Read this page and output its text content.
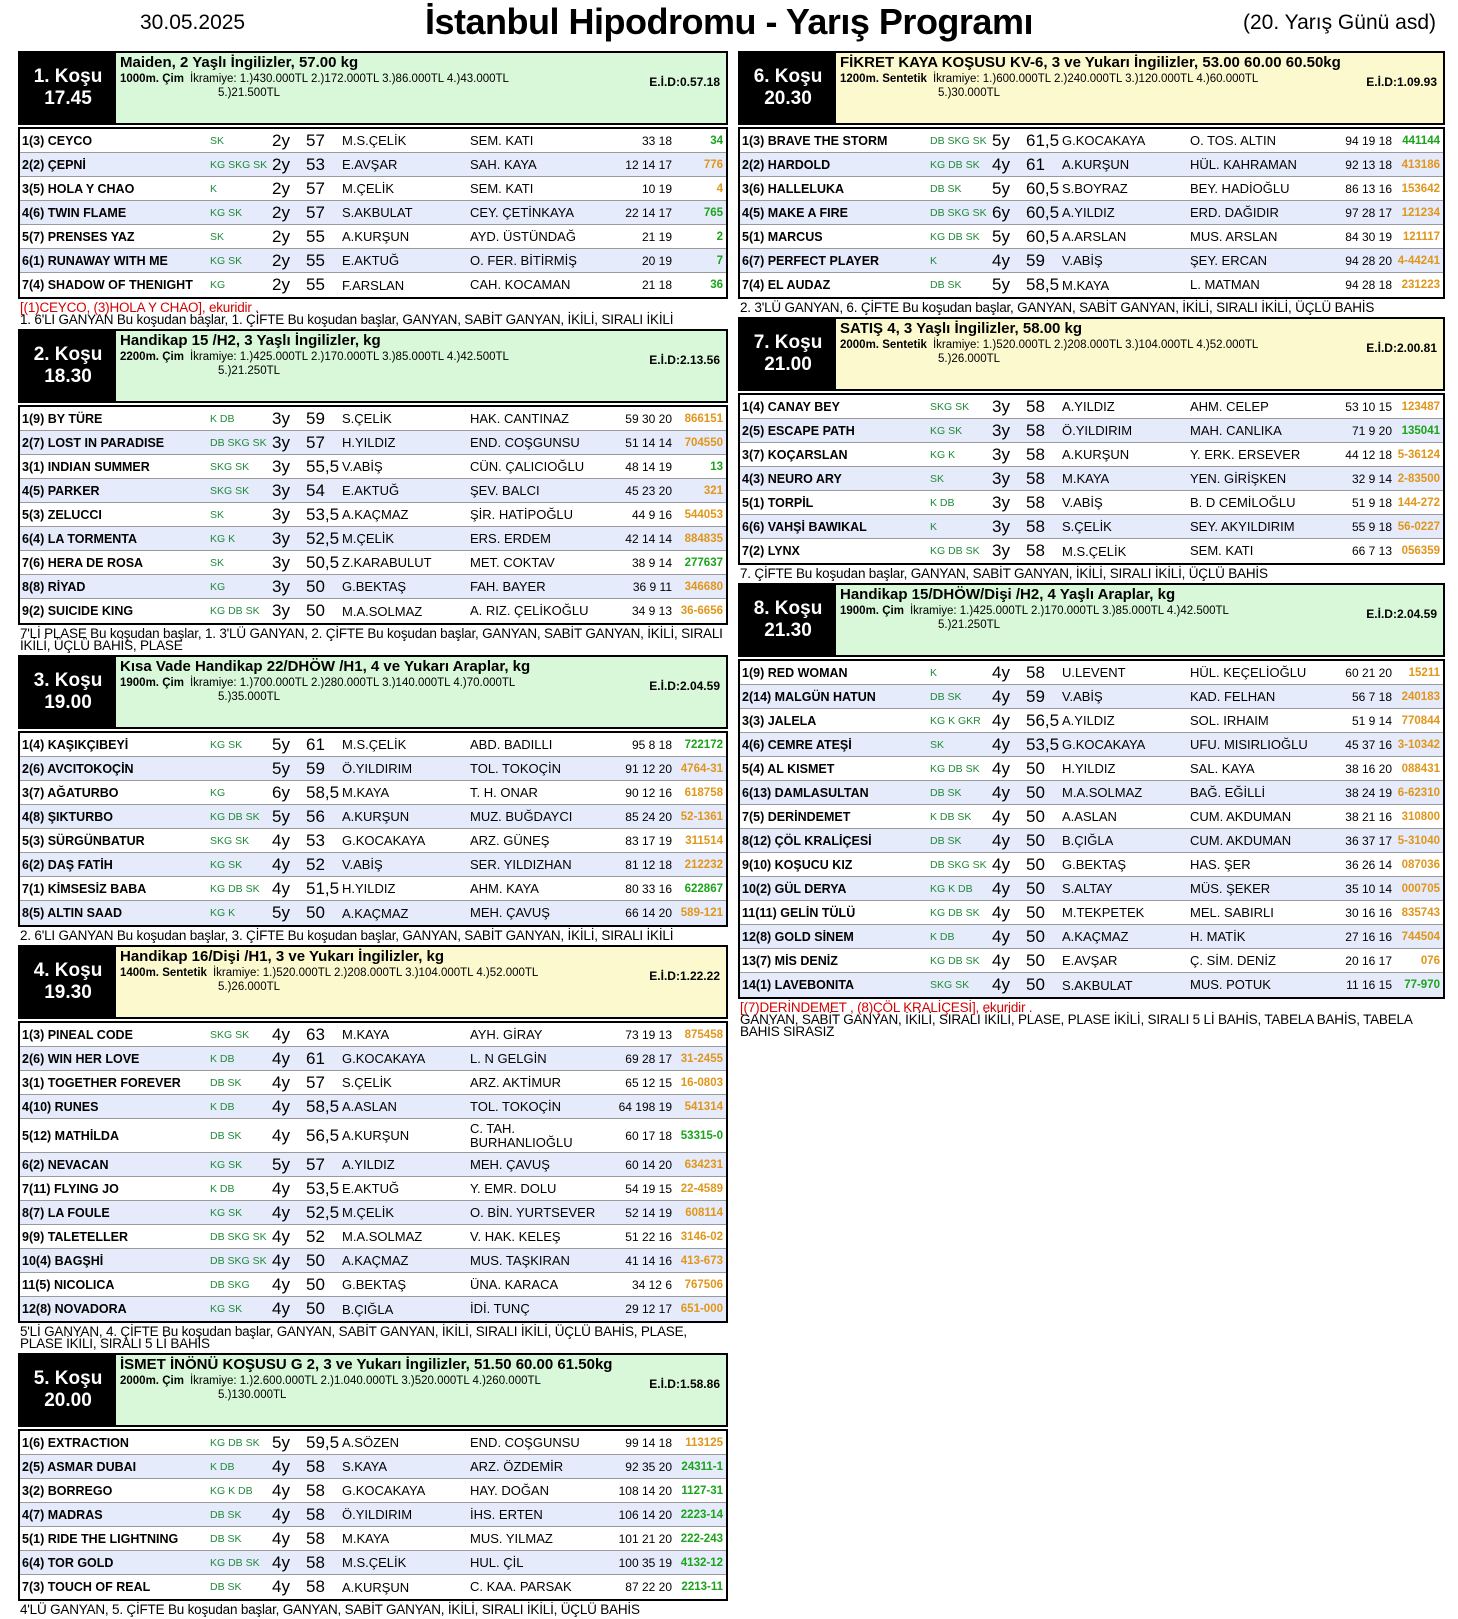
30.05.2025	İstanbul Hipodromu - Yarış Programı	(20. Yarış Günü asd)
1. Koşu
17.45
Maiden, 2 Yaşlı İngilizler, 57.00 kg
1000m. Çim İkramiye: 1.)430.000TL 2.)172.000TL 3.)86.000TL 4.)43.000TL
5.)21.500TL
E.İ.D:0.57.18
1(3) CEYCO	SK	2y 57	M.S.ÇELİK	SEM. KATI	33 18	34
2(2) ÇEPNİ	KG SKG SK 2y 53	E.AVŞAR	SAH. KAYA	12 14 17	776
3(5) HOLA Y CHAO	K	2y 57	M.ÇELİK	SEM. KATI	10 19	4
4(6) TWIN FLAME	KG SK	2y 57	S.AKBULAT	CEY. ÇETİNKAYA	22 14 17	765
5(7) PRENSES YAZ	SK	2y 55	A.KURŞUN	AYD. ÜSTÜNDAĞ	21 19	2
6(1) RUNAWAY WITH ME	KG SK	2y 55	E.AKTUĞ	O. FER. BİTİRMİŞ	20 19	7
7(4) SHADOW OF THENIGHT	KG	2y 55	F.ARSLAN	CAH. KOCAMAN	21 18	36
[(1)CEYCO, (3)HOLA Y CHAO], ekuridir .
1. 6'LI GANYAN Bu koşudan başlar, 1. ÇİFTE Bu koşudan başlar, GANYAN, SABİT GANYAN, İKİLİ, SIRALI İKİLİ
2. Koşu
18.30
Handikap 15 /H2, 3 Yaşlı İngilizler, kg
2200m. Çim İkramiye: 1.)425.000TL 2.)170.000TL 3.)85.000TL 4.)42.500TL
5.)21.250TL
E.İ.D:2.13.56
1(9) BY TÜRE	K DB	3y 59	S.ÇELİK	HAK. CANTINAZ	59 30 20	866151
2(7) LOST IN PARADISE	DB SKG SK 3y 57	H.YILDIZ	END. COŞGUNSU	51 14 14	704550
3(1) INDIAN SUMMER	SKG SK	3y 55,5 V.ABİŞ	CÜN. ÇALICIOĞLU	48 14 19	13
4(5) PARKER	SKG SK	3y 54	E.AKTUĞ	ŞEV. BALCI	45 23 20	321
5(3) ZELUCCI	SK	3y 53,5 A.KAÇMAZ	ŞİR. HATİPOĞLU	44 9 16	544053
6(4) LA TORMENTA	KG K	3y 52,5 M.ÇELİK	ERS. ERDEM	42 14 14	884835
7(6) HERA DE ROSA	SK	3y 50,5 Z.KARABULUT	MET. COKTAV	38 9 14	277637
8(8) RİYAD	KG	3y 50	G.BEKTAŞ	FAH. BAYER	36 9 11	346680
9(2) SUICIDE KING	KG DB SK 3y 50	M.A.SOLMAZ	A. RIZ. ÇELİKOĞLU	34 9 13 36-6656
7'Lİ PLASE Bu koşudan başlar, 1. 3'LÜ GANYAN, 2. ÇİFTE Bu koşudan başlar, GANYAN, SABİT GANYAN, İKİLİ, SIRALI İKİLİ, ÜÇLÜ BAHİS, PLASE
3. Koşu
19.00
Kısa Vade Handikap 22/DHÖW /H1, 4 ve Yukarı Araplar, kg
1900m. Çim İkramiye: 1.)700.000TL 2.)280.000TL 3.)140.000TL 4.)70.000TL
5.)35.000TL
E.İ.D:2.04.59
1(4) KAŞIKÇIBEYİ	KG SK	5y 61	M.S.ÇELİK	ABD. BADILLI	95 8 18	722172
2(6) AVCITOKOÇİN	5y 59	Ö.YILDIRIM	TOL. TOKOÇİN	91 12 20 4764-31
3(7) AĞATURBO	KG	6y 58,5 M.KAYA	T. H. ONAR	90 12 16	618758
4(8) ŞIKTURBO	KG DB SK 5y 56	A.KURŞUN	MUZ. BUĞDAYCI	85 24 20 52-1361
5(3) SÜRGÜNBATUR	SKG SK	4y 53	G.KOCAKAYA	ARZ. GÜNEŞ	83 17 19	311514
6(2) DAŞ FATİH	KG SK	4y 52	V.ABİŞ	SER. YILDIZHAN	81 12 18	212232
7(1) KİMSESİZ BABA	KG DB SK 4y 51,5 H.YILDIZ	AHM. KAYA	80 33 16	622867
8(5) ALTIN SAAD	KG K	5y 50	A.KAÇMAZ	MEH. ÇAVUŞ	66 14 20 589-121
2. 6'LI GANYAN Bu koşudan başlar, 3. ÇİFTE Bu koşudan başlar, GANYAN, SABİT GANYAN, İKİLİ, SIRALI İKİLİ
4. Koşu
19.30
Handikap 16/Dişi /H1, 3 ve Yukarı İngilizler, kg
1400m. Sentetik İkramiye: 1.)520.000TL 2.)208.000TL 3.)104.000TL 4.)52.000TL
5.)26.000TL
E.İ.D:1.22.22
1(3) PINEAL CODE	SKG SK	4y 63	M.KAYA	AYH. GİRAY	73 19 13	875458
2(6) WIN HER LOVE	K DB	4y 61	G.KOCAKAYA	L. N GELGİN	69 28 17 31-2455
3(1) TOGETHER FOREVER	DB SK	4y 57	S.ÇELİK	ARZ. AKTİMUR	65 12 15 16-0803
4(10) RUNES	K DB	4y 58,5 A.ASLAN	TOL. TOKOÇİN	64 198 19	541314
5(12) MATHİLDA	DB SK	4y 56,5 A.KURŞUN	C. TAH. BURHANLIOĞLU	60 17 18 53315-0
6(2) NEVACAN	KG SK	5y 57	A.YILDIZ	MEH. ÇAVUŞ	60 14 20	634231
7(11) FLYING JO	K DB	4y 53,5 E.AKTUĞ	Y. EMR. DOLU	54 19 15 22-4589
8(7) LA FOULE	KG SK	4y 52,5 M.ÇELİK	O. BİN. YURTSEVER	52 14 19	608114
9(9) TALETELLER	DB SKG SK 4y 52	M.A.SOLMAZ	V. HAK. KELEŞ	51 22 16 3146-02
10(4) BAGŞHİ	DB SKG SK 4y 50	A.KAÇMAZ	MUS. TAŞKIRAN	41 14 16 413-673
11(5) NICOLICA	DB SKG	4y 50	G.BEKTAŞ	ÜNA. KARACA	34 12 6	767506
12(8) NOVADORA	KG SK	4y 50	B.ÇIĞLA	İDİ. TUNÇ	29 12 17 651-000
5'Lİ GANYAN, 4. ÇİFTE Bu koşudan başlar, GANYAN, SABİT GANYAN, İKİLİ, SIRALI İKİLİ, ÜÇLÜ BAHİS, PLASE, PLASE İKİLİ, SIRALI 5 Lİ BAHİS
5. Koşu
20.00
İSMET İNÖNÜ KOŞUSU G 2, 3 ve Yukarı İngilizler, 51.50 60.00 61.50kg
2000m. Çim İkramiye: 1.)2.600.000TL 2.)1.040.000TL 3.)520.000TL 4.)260.000TL
5.)130.000TL
E.İ.D:1.58.86
1(6) EXTRACTION	KG DB SK 5y 59,5 A.SÖZEN	END. COŞGUNSU	99 14 18	113125
2(5) ASMAR DUBAI	K DB	4y 58	S.KAYA	ARZ. ÖZDEMİR	92 35 20 24311-1
3(2) BORREGO	KG K DB	4y 58	G.KOCAKAYA	HAY. DOĞAN	108 14 20 1127-31
4(7) MADRAS	DB SK	4y 58	Ö.YILDIRIM	İHS. ERTEN	106 14 20 2223-14
5(1) RIDE THE LIGHTNING	DB SK	4y 58	M.KAYA	MUS. YILMAZ	101 21 20 222-243
6(4) TOR GOLD	KG DB SK 4y 58	M.S.ÇELİK	HUL. ÇİL	100 35 19 4132-12
7(3) TOUCH OF REAL	DB SK	4y 58	A.KURŞUN	C. KAA. PARSAK	87 22 20 2213-11
4'LÜ GANYAN, 5. ÇİFTE Bu koşudan başlar, GANYAN, SABİT GANYAN, İKİLİ, SIRALI İKİLİ, ÜÇLÜ BAHİS
6. Koşu
20.30
FİKRET KAYA KOŞUSU KV-6, 3 ve Yukarı İngilizler, 53.00 60.00 60.50kg
1200m. Sentetik İkramiye: 1.)600.000TL 2.)240.000TL 3.)120.000TL 4.)60.000TL
5.)30.000TL
E.İ.D:1.09.93
1(3) BRAVE THE STORM	DB SKG SK 5y 61,5 G.KOCAKAYA	O. TOS. ALTIN	94 19 18 441144
2(2) HARDOLD	KG DB SK 4y 61	A.KURŞUN	HÜL. KAHRAMAN	92 13 18 413186
3(6) HALLELUKA	DB SK	5y 60,5 S.BOYRAZ	BEY. HADİOĞLU	86 13 16 153642
4(5) MAKE A FIRE	DB SKG SK 6y 60,5 A.YILDIZ	ERD. DAĞIDIR	97 28 17 121234
5(1) MARCUS	KG DB SK 5y 60,5 A.ARSLAN	MUS. ARSLAN	84 30 19 121117
6(7) PERFECT PLAYER	K	4y 59	V.ABİŞ	ŞEY. ERCAN	94 28 20 4-44241
7(4) EL AUDAZ	DB SK	5y 58,5 M.KAYA	L. MATMAN	94 28 18 231223
2. 3'LÜ GANYAN, 6. ÇİFTE Bu koşudan başlar, GANYAN, SABİT GANYAN, İKİLİ, SIRALI İKİLİ, ÜÇLÜ BAHİS
7. Koşu
21.00
SATIŞ 4, 3 Yaşlı İngilizler, 58.00 kg
2000m. Sentetik İkramiye: 1.)520.000TL 2.)208.000TL 3.)104.000TL 4.)52.000TL
5.)26.000TL
E.İ.D:2.00.81
1(4) CANAY BEY	SKG SK	3y 58	A.YILDIZ	AHM. CELEP	53 10 15 123487
2(5) ESCAPE PATH	KG SK	3y 58	Ö.YILDIRIM	MAH. CANLIKA	71 9 20 135041
3(7) KOÇARSLAN	KG K	3y 58	A.KURŞUN	Y. ERK. ERSEVER	44 12 18 5-36124
4(3) NEURO ARY	SK	3y 58	M.KAYA	YEN. GİRİŞKEN	32 9 14 2-83500
5(1) TORPİL	K DB	3y 58	V.ABİŞ	B. D CEMİLOĞLU	51 9 18 144-272
6(6) VAHŞİ BAWIKAL	K	3y 58	S.ÇELİK	SEY. AKYILDIRIM	55 9 18 56-0227
7(2) LYNX	KG DB SK 3y 58	M.S.ÇELİK	SEM. KATI	66 7 13 056359
7. ÇİFTE Bu koşudan başlar, GANYAN, SABİT GANYAN, İKİLİ, SIRALI İKİLİ, ÜÇLÜ BAHİS
8. Koşu
21.30
Handikap 15/DHÖW/Dişi /H2, 4 Yaşlı Araplar, kg
1900m. Çim İkramiye: 1.)425.000TL 2.)170.000TL 3.)85.000TL 4.)42.500TL
5.)21.250TL
E.İ.D:2.04.59
1(9) RED WOMAN	K	4y 58	U.LEVENT	HÜL. KEÇELİOĞLU	60 21 20	15211
2(14) MALGÜN HATUN	DB SK	4y 59	V.ABİŞ	KAD. FELHAN	56 7 18 240183
3(3) JALELA	KG K GKR 4y 56,5 A.YILDIZ	SOL. IRHAIM	51 9 14 770844
4(6) CEMRE ATEŞİ	SK	4y 53,5 G.KOCAKAYA	UFU. MISIRLIOĞLU	45 37 16 3-10342
5(4) AL KISMET	KG DB SK 4y 50	H.YILDIZ	SAL. KAYA	38 16 20 088431
6(13) DAMLASULTAN	DB SK	4y 50	M.A.SOLMAZ	BAĞ. EĞİLLİ	38 24 19 6-62310
7(5) DERİNDEMET	K DB SK	4y 50	A.ASLAN	CUM. AKDUMAN	38 21 16 310800
8(12) ÇÖL KRALİÇESİ	DB SK	4y 50	B.ÇIĞLA	CUM. AKDUMAN	36 37 17 5-31040
9(10) KOŞUCU KIZ	DB SKG SK 4y 50	G.BEKTAŞ	HAS. ŞER	36 26 14 087036
10(2) GÜL DERYA	KG K DB	4y 50	S.ALTAY	MÜS. ŞEKER	35 10 14 000705
11(11) GELİN TÜLÜ	KG DB SK 4y 50	M.TEKPETEK	MEL. SABIRLI	30 16 16 835743
12(8) GOLD SİNEM	K DB	4y 50	A.KAÇMAZ	H. MATİK	27 16 16 744504
13(7) MİS DENİZ	KG DB SK 4y 50	E.AVŞAR	Ç. SİM. DENİZ	20 16 17	076
14(1) LAVEBONITA	SKG SK	4y 50	S.AKBULAT	MUS. POTUK	11 16 15	77-970
[(7)DERİNDEMET , (8)ÇÖL KRALİÇESİ], ekuridir .
GANYAN, SABİT GANYAN, İKİLİ, SIRALI İKİLİ, PLASE, PLASE İKİLİ, SIRALI 5 Lİ BAHİS, TABELA BAHİS, TABELA BAHİS SIRASIZ
